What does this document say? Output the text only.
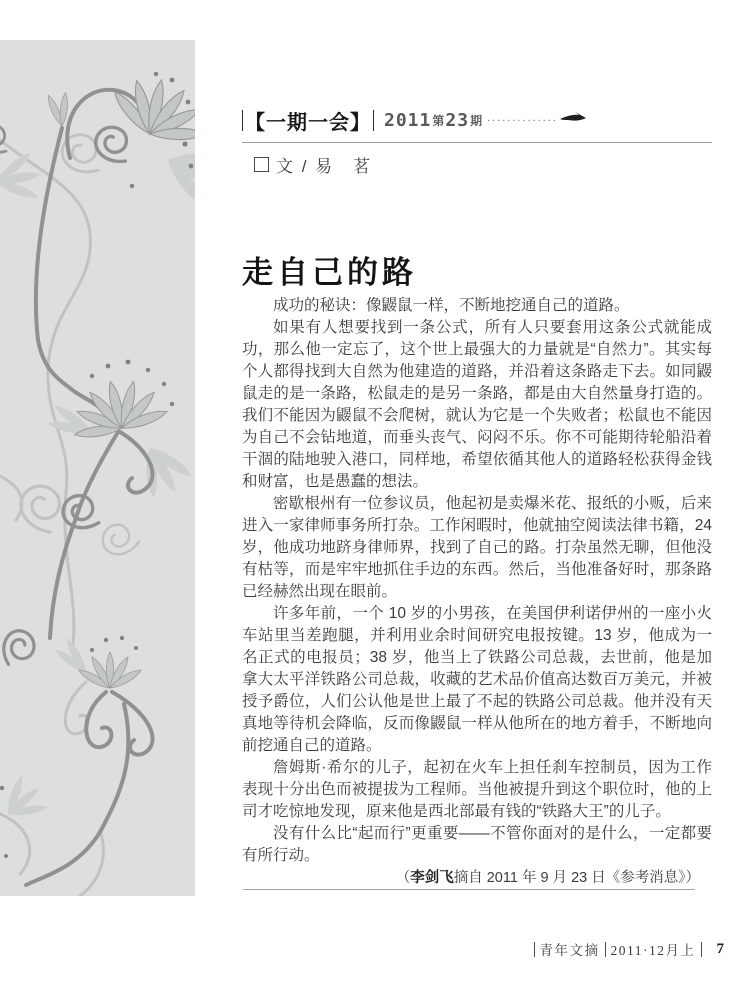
【一期一会】 2011 第 23 期 ..............
文 / 易　茗
走自己的路

成功的秘诀：像鼹鼠一样，不断地挖通自己的道路。

如果有人想要找到一条公式，所有人只要套用这条公式就能成功，那么他一定忘了，这个世上最强大的力量就是“自然力”。其实每个人都得找到大自然为他建造的道路，并沿着这条路走下去。如同鼹鼠走的是一条路，松鼠走的是另一条路，都是由大自然量身打造的。我们不能因为鼹鼠不会爬树，就认为它是一个失败者；松鼠也不能因为自己不会钻地道，而垂头丧气、闷闷不乐。你不可能期待轮船沿着干涸的陆地驶入港口，同样地，希望依循其他人的道路轻松获得金钱和财富，也是愚蠢的想法。

密歇根州有一位参议员，他起初是卖爆米花、报纸的小贩，后来进入一家律师事务所打杂。工作闲暇时，他就抽空阅读法律书籍，24 岁，他成功地跻身律师界，找到了自己的路。打杂虽然无聊，但他没有枯等，而是牢牢地抓住手边的东西。然后，当他准备好时，那条路已经赫然出现在眼前。

许多年前，一个 10 岁的小男孩，在美国伊利诺伊州的一座小火车站里当差跑腿，并利用业余时间研究电报按键。13 岁，他成为一名正式的电报员；38 岁，他当上了铁路公司总裁，去世前，他是加拿大太平洋铁路公司总裁，收藏的艺术品价值高达数百万美元，并被授予爵位，人们公认他是世上最了不起的铁路公司总裁。他并没有天真地等待机会降临，反而像鼹鼠一样从他所在的地方着手，不断地向前挖通自己的道路。

詹姆斯·希尔的儿子，起初在火车上担任刹车控制员，因为工作表现十分出色而被提拔为工程师。当他被提升到这个职位时，他的上司才吃惊地发现，原来他是西北部最有钱的“铁路大王”的儿子。

没有什么比“起而行”更重要——不管你面对的是什么，一定都要有所行动。

（李剑飞摘自 2011 年 9 月 23 日《参考消息》）

青年文摘 2011·12月上 7
